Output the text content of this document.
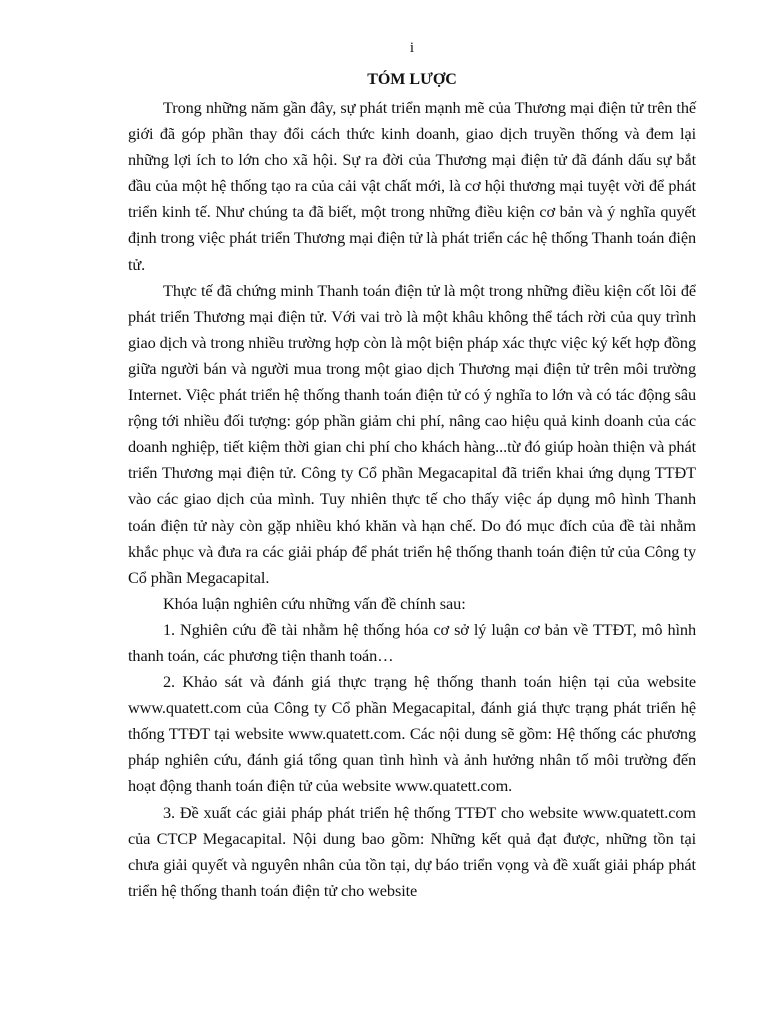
i
TÓM LƯỢC

Trong những năm gần đây, sự phát triển mạnh mẽ của Thương mại điện tử trên thế giới đã góp phần thay đổi cách thức kinh doanh, giao dịch truyền thống và đem lại những lợi ích to lớn cho xã hội. Sự ra đời của Thương mại điện tử đã đánh dấu sự bắt đầu của một hệ thống tạo ra của cải vật chất mới, là cơ hội thương mại tuyệt vời để phát triển kinh tế. Như chúng ta đã biết, một trong những điều kiện cơ bản và ý nghĩa quyết định trong việc phát triển Thương mại điện tử là phát triển các hệ thống Thanh toán điện tử.

Thực tế đã chứng minh Thanh toán điện tử là một trong những điều kiện cốt lõi để phát triển Thương mại điện tử. Với vai trò là một khâu không thể tách rời của quy trình giao dịch và trong nhiều trường hợp còn là một biện pháp xác thực việc ký kết hợp đồng giữa người bán và người mua trong một giao dịch Thương mại điện tử trên môi trường Internet. Việc phát triển hệ thống thanh toán điện tử có ý nghĩa to lớn và có tác động sâu rộng tới nhiều đối tượng: góp phần giảm chi phí, nâng cao hiệu quả kinh doanh của các doanh nghiệp, tiết kiệm thời gian chi phí cho khách hàng...từ đó giúp hoàn thiện và phát triển Thương mại điện tử. Công ty Cổ phần Megacapital đã triển khai ứng dụng TTĐT vào các giao dịch của mình. Tuy nhiên thực tế cho thấy việc áp dụng mô hình Thanh toán điện tử này còn gặp nhiều khó khăn và hạn chế. Do đó mục đích của đề tài nhằm khắc phục và đưa ra các giải pháp để phát triển hệ thống thanh toán điện tử của Công ty Cổ phần Megacapital.

Khóa luận nghiên cứu những vấn đề chính sau:

1. Nghiên cứu đề tài nhằm hệ thống hóa cơ sở lý luận cơ bản về TTĐT, mô hình thanh toán, các phương tiện thanh toán…

2. Khảo sát và đánh giá thực trạng hệ thống thanh toán hiện tại của website www.quatett.com của Công ty Cổ phần Megacapital, đánh giá thực trạng phát triển hệ thống TTĐT tại website www.quatett.com. Các nội dung sẽ gồm: Hệ thống các phương pháp nghiên cứu, đánh giá tổng quan tình hình và ảnh hưởng nhân tố môi trường đến hoạt động thanh toán điện tử của website www.quatett.com.

3. Đề xuất các giải pháp phát triển hệ thống TTĐT cho website www.quatett.com của CTCP Megacapital. Nội dung bao gồm: Những kết quả đạt được, những tồn tại chưa giải quyết và nguyên nhân của tồn tại, dự báo triển vọng và đề xuất giải pháp phát triển hệ thống thanh toán điện tử cho website
